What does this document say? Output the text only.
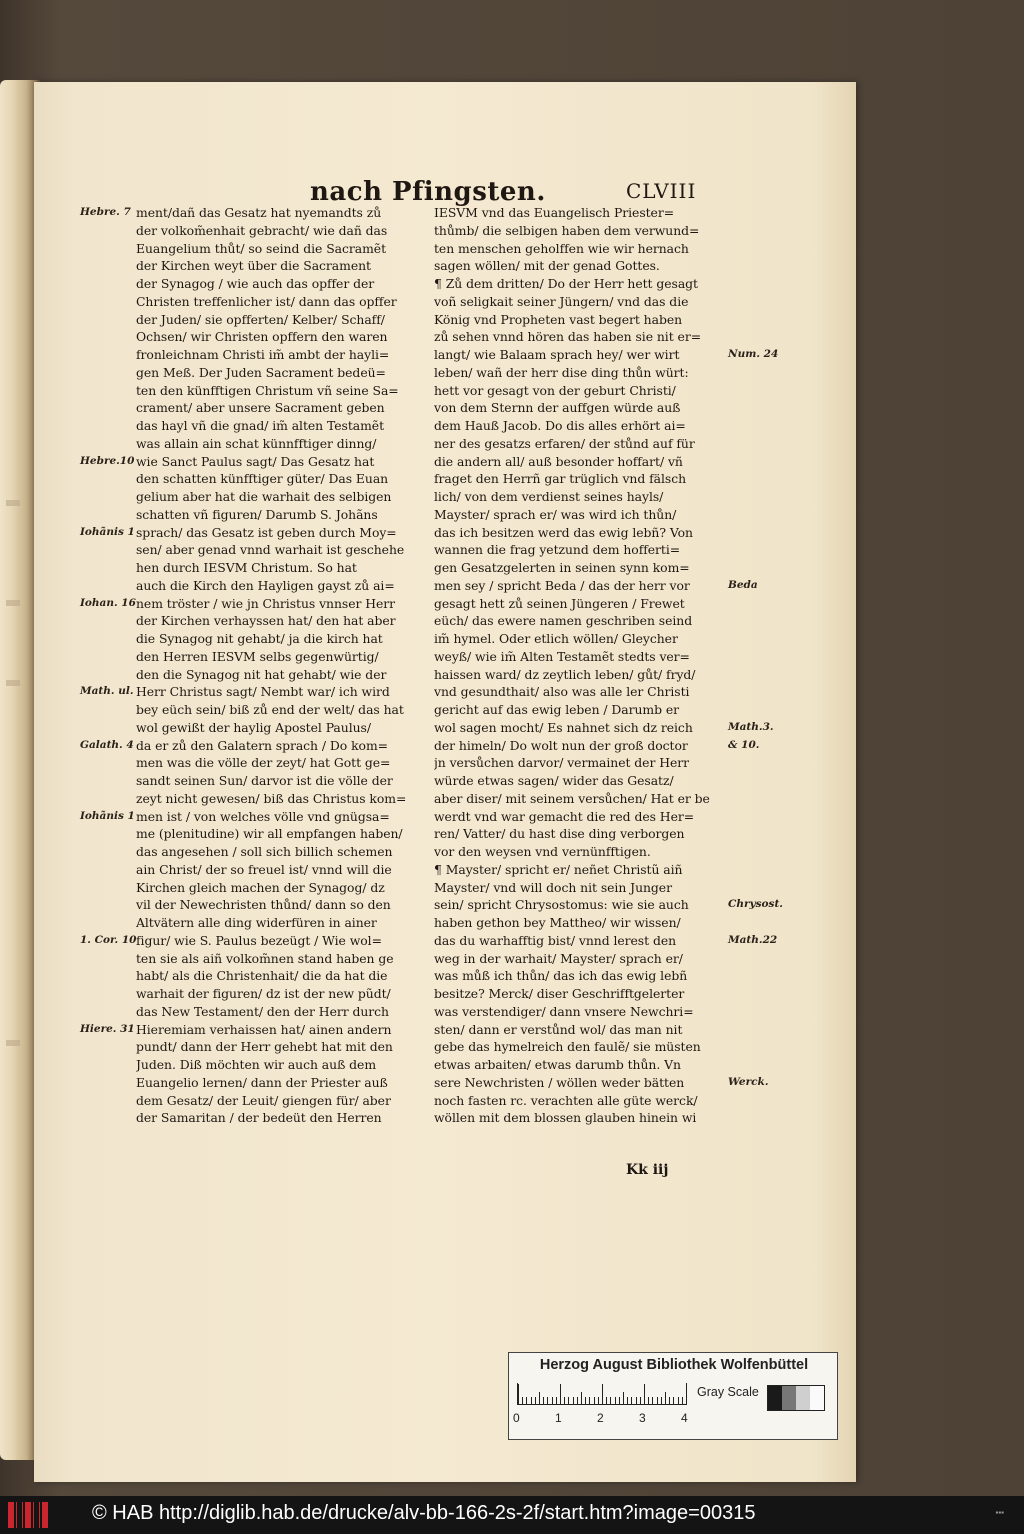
nach Pfingsten.	CLVIII
ment/dañ das Gesatz hat nyemandts zů
der volkom̃enhait gebracht/ wie dañ das
Euangelium thůt/ so seind die Sacramẽt
der Kirchen weyt über die Sacrament
der Synagog / wie auch das opffer der
Christen treffenlicher ist/ dann das opffer
der Juden/ sie opfferten/ Kelber/ Schaff/
Ochsen/ wir Christen opffern den waren
fronleichnam Christi im̃ ambt der hayli=
gen Meß. Der Juden Sacrament bedeü=
ten den künfftigen Christum vñ seine Sa=
crament/ aber unsere Sacrament geben
das hayl vñ die gnad/ im̃ alten Testamẽt
was allain ain schat künnfftiger dinng/
wie Sanct Paulus sagt/ Das Gesatz hat
den schatten künfftiger güter/ Das Euan
gelium aber hat die warhait des selbigen
schatten vñ figuren/ Darumb S. Johãns
sprach/ das Gesatz ist geben durch Moy=
sen/ aber genad vnnd warhait ist geschehe
hen durch IESVM Christum. So hat
auch die Kirch den Hayligen gayst zů ai=
nem tröster / wie jn Christus vnnser Herr
der Kirchen verhayssen hat/ den hat aber
die Synagog nit gehabt/ ja die kirch hat
den Herren IESVM selbs gegenwürtig/
den die Synagog nit hat gehabt/ wie der
Herr Christus sagt/ Nembt war/ ich wird
bey eüch sein/ biß zů end der welt/ das hat
wol gewißt der haylig Apostel Paulus/
da er zů den Galatern sprach / Do kom=
men was die völle der zeyt/ hat Gott ge=
sandt seinen Sun/ darvor ist die völle der
zeyt nicht gewesen/ biß das Christus kom=
men ist / von welches völle vnd gnügsa=
me (plenitudine) wir all empfangen haben/
das angesehen / soll sich billich schemen
ain Christ/ der so freuel ist/ vnnd will die
Kirchen gleich machen der Synagog/ dz
vil der Newechristen thůnd/ dann so den
Altvätern alle ding widerfüren in ainer
figur/ wie S. Paulus bezeügt / Wie wol=
ten sie als aiñ volkom̃nen stand haben ge
habt/ als die Christenhait/ die da hat die
warhait der figuren/ dz ist der new pũdt/
das New Testament/ den der Herr durch
Hieremiam verhaissen hat/ ainen andern
pundt/ dann der Herr gehebt hat mit den
Juden. Diß möchten wir auch auß dem
Euangelio lernen/ dann der Priester auß
dem Gesatz/ der Leuit/ giengen für/ aber
der Samaritan / der bedeüt den Herren
IESVM vnd das Euangelisch Priester=
thůmb/ die selbigen haben dem verwund=
ten menschen geholffen wie wir hernach
sagen wöllen/ mit der genad Gottes.
¶ Zů dem dritten/ Do der Herr hett gesagt
voñ seligkait seiner Jüngern/ vnd das die
König vnd Propheten vast begert haben
zů sehen vnnd hören das haben sie nit er=
langt/ wie Balaam sprach hey/ wer wirt
leben/ wañ der herr dise ding thůn würt:
hett vor gesagt von der geburt Christi/
von dem Sternn der auffgen würde auß
dem Hauß Jacob. Do dis alles erhört ai=
ner des gesatzs erfaren/ der stůnd auf für
die andern all/ auß besonder hoffart/ vñ
fraget den Herrñ gar trüglich vnd fälsch
lich/ von dem verdienst seines hayls/
Mayster/ sprach er/ was wird ich thůn/
das ich besitzen werd das ewig lebñ? Von
wannen die frag yetzund dem hofferti=
gen Gesatzgelerten in seinen synn kom=
men sey / spricht Beda / das der herr vor
gesagt hett zů seinen Jüngeren / Frewet
eüch/ das ewere namen geschriben seind
im̃ hymel. Oder etlich wöllen/ Gleycher
weyß/ wie im̃ Alten Testamẽt stedts ver=
haissen ward/ dz zeytlich leben/ gůt/ fryd/
vnd gesundthait/ also was alle ler Christi
gericht auf das ewig leben / Darumb er
wol sagen mocht/ Es nahnet sich dz reich
der himeln/ Do wolt nun der groß doctor
jn versůchen darvor/ vermainet der Herr
würde etwas sagen/ wider das Gesatz/
aber diser/ mit seinem versůchen/ Hat er be
werdt vnd war gemacht die red des Her=
ren/ Vatter/ du hast dise ding verborgen
vor den weysen vnd vernünfftigen.
¶ Mayster/ spricht er/ neñet Christũ aiñ
Mayster/ vnd will doch nit sein Junger
sein/ spricht Chrysostomus: wie sie auch
haben gethon bey Mattheo/ wir wissen/
das du warhafftig bist/ vnnd lerest den
weg in der warhait/ Mayster/ sprach er/
was můß ich thůn/ das ich das ewig lebñ
besitze? Merck/ diser Geschrifftgelerter
was verstendiger/ dann vnsere Newchri=
sten/ dann er verstůnd wol/ das man nit
gebe das hymelreich den faulẽ/ sie müsten
etwas arbaiten/ etwas darumb thůn. Vn
sere Newchristen / wöllen weder bätten
noch fasten rc. verachten alle güte werck/
wöllen mit dem blossen glauben hinein wi
Hebre. 7
Hebre.10
Iohãnis 1
Iohan. 16
Math. ul.
Galath. 4
Iohãnis 1
1. Cor. 10
Hiere. 31
Num. 24
Beda
Math.3.
& 10.
Chrysost.
Math.22
Werck.
Kk iij
Herzog August Bibliothek Wolfenbüttel
0	1	2	3	4
Gray Scale
© HAB http://diglib.hab.de/drucke/alv-bb-166-2s-2f/start.htm?image=00315	▪▪▪
